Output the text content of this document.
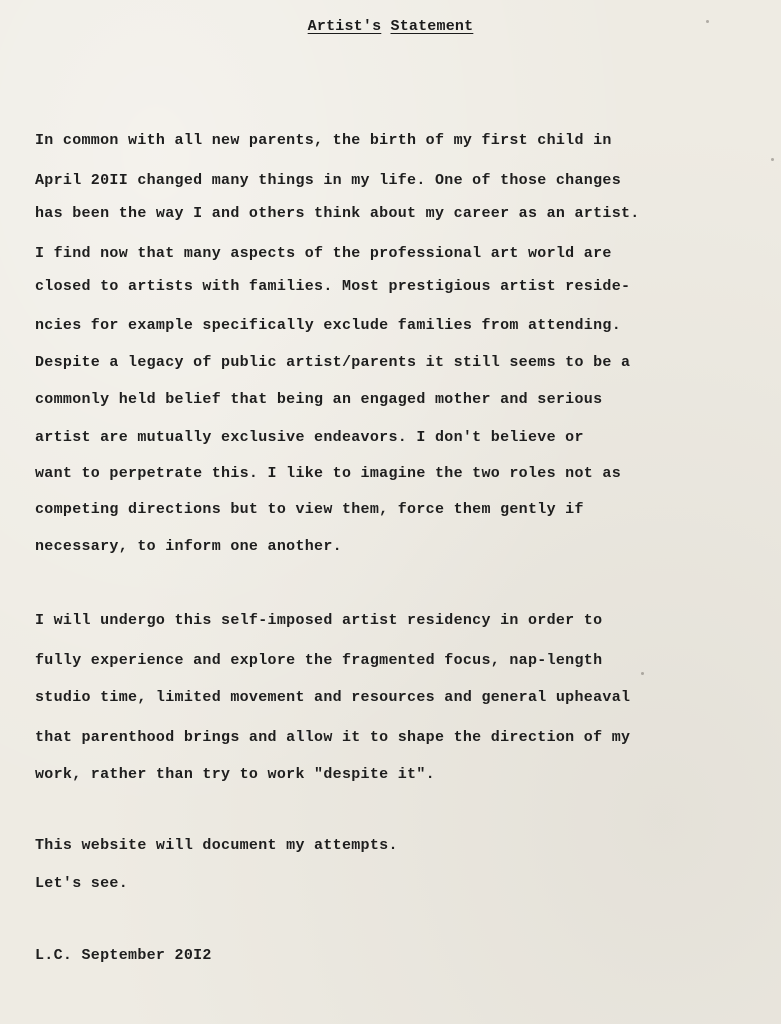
Artist's Statement

In common with all new parents, the birth of my first child in

April 20II changed many things in my life. One of those changes

has been the way I and others think about my career as an artist.

I find now that many aspects of the professional art world are

closed to artists with families. Most prestigious artist reside-

ncies for example specifically exclude families from attending.

Despite a legacy of public artist/parents it still seems to be a

commonly held belief that being an engaged mother and serious

artist are mutually exclusive endeavors. I don't believe or

want to perpetrate this. I like to imagine the two roles not as

competing directions but to view them, force them gently if

necessary, to inform one another.

I will undergo this self-imposed artist residency in order to

fully experience and explore the fragmented focus, nap-length

studio time, limited movement and resources and general upheaval

that parenthood brings and allow it to shape the direction of my

work, rather than try to work "despite it".

This website will document my attempts.

Let's see.

L.C. September 20I2
